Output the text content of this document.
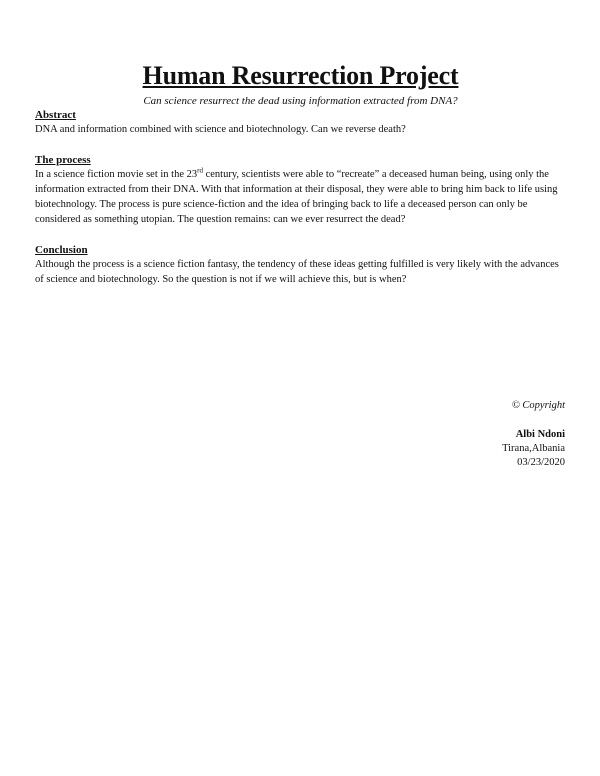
Human Resurrection Project

Can science resurrect the dead using information extracted from DNA?

Abstract

DNA and information combined with science and biotechnology. Can we reverse death?

The process

In a science fiction movie set in the 23rd century, scientists were able to “recreate” a deceased human being, using only the information extracted from their DNA. With that information at their disposal, they were able to bring him back to life using biotechnology. The process is pure science-fiction and the idea of bringing back to life a deceased person can only be considered as something utopian. The question remains: can we ever resurrect the dead?

Conclusion

Although the process is a science fiction fantasy, the tendency of these ideas getting fulfilled is very likely with the advances of science and biotechnology. So the question is not if we will achieve this, but is when?

© Copyright
Albi Ndoni
Tirana,Albania
03/23/2020
